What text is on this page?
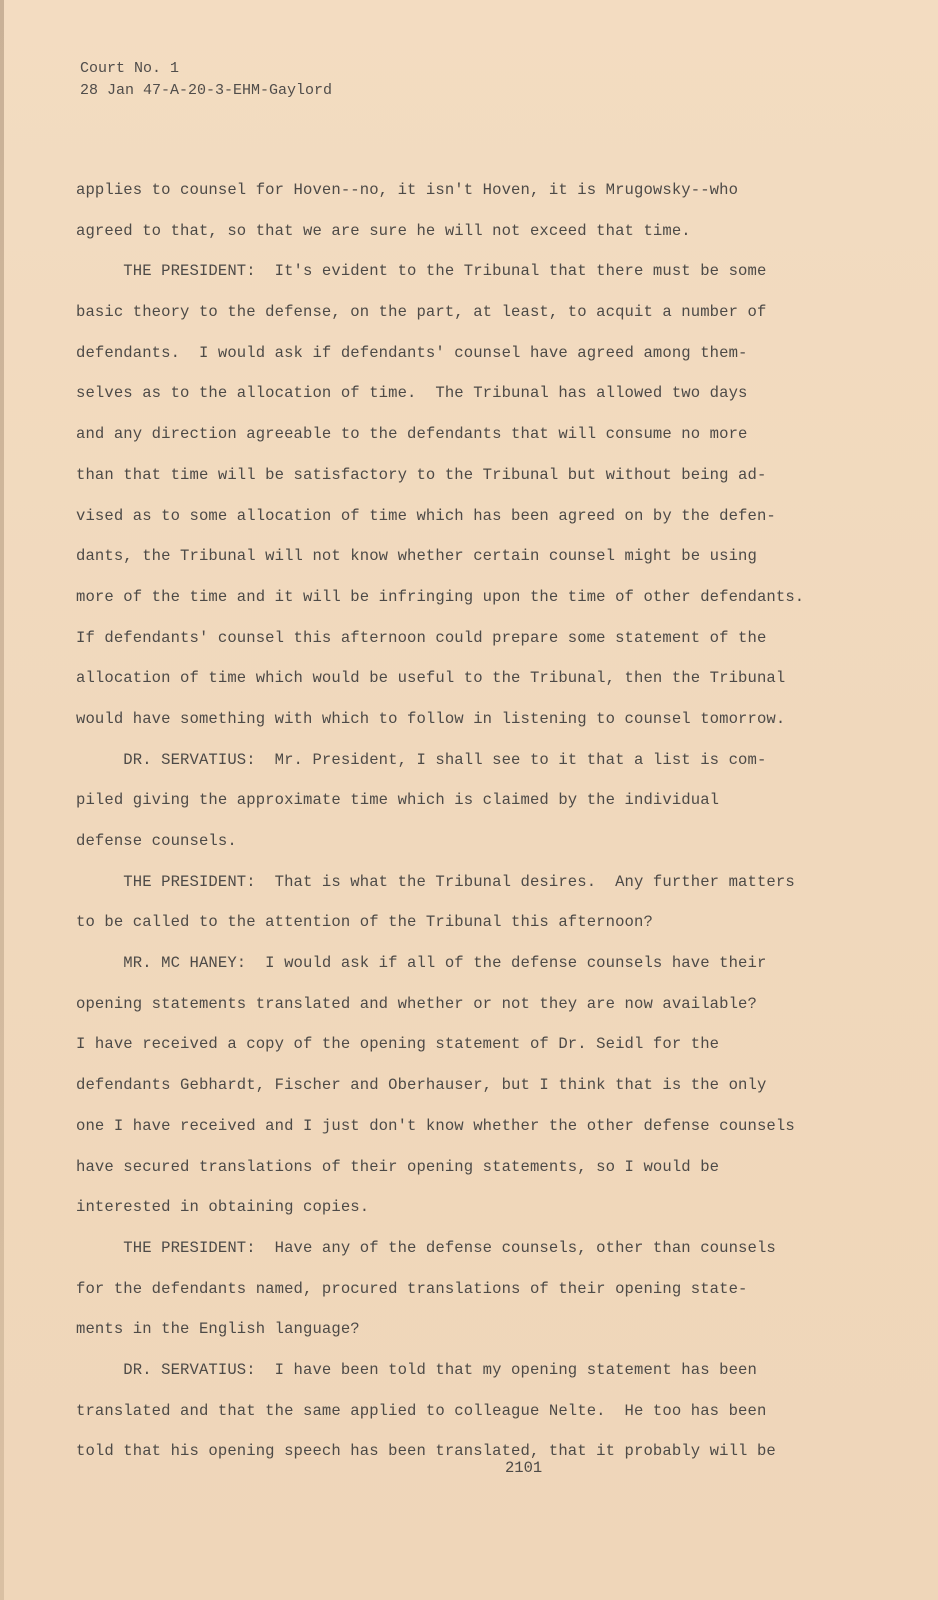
Court No. 1
28 Jan 47-A-20-3-EHM-Gaylord
applies to counsel for Hoven--no, it isn't Hoven, it is Mrugowsky--who
agreed to that, so that we are sure he will not exceed that time.
THE PRESIDENT:  It's evident to the Tribunal that there must be some
basic theory to the defense, on the part, at least, to acquit a number of
defendants.  I would ask if defendants' counsel have agreed among them-
selves as to the allocation of time.  The Tribunal has allowed two days
and any direction agreeable to the defendants that will consume no more
than that time will be satisfactory to the Tribunal but without being ad-
vised as to some allocation of time which has been agreed on by the defen-
dants, the Tribunal will not know whether certain counsel might be using
more of the time and it will be infringing upon the time of other defendants.
If defendants' counsel this afternoon could prepare some statement of the
allocation of time which would be useful to the Tribunal, then the Tribunal
would have something with which to follow in listening to counsel tomorrow.
DR. SERVATIUS:  Mr. President, I shall see to it that a list is com-
piled giving the approximate time which is claimed by the individual
defense counsels.
THE PRESIDENT:  That is what the Tribunal desires.  Any further matters
to be called to the attention of the Tribunal this afternoon?
MR. MC HANEY:  I would ask if all of the defense counsels have their
opening statements translated and whether or not they are now available?
I have received a copy of the opening statement of Dr. Seidl for the
defendants Gebhardt, Fischer and Oberhauser, but I think that is the only
one I have received and I just don't know whether the other defense counsels
have secured translations of their opening statements, so I would be
interested in obtaining copies.
THE PRESIDENT:  Have any of the defense counsels, other than counsels
for the defendants named, procured translations of their opening state-
ments in the English language?
DR. SERVATIUS:  I have been told that my opening statement has been
translated and that the same applied to colleague Nelte.  He too has been
told that his opening speech has been translated, that it probably will be
2101
